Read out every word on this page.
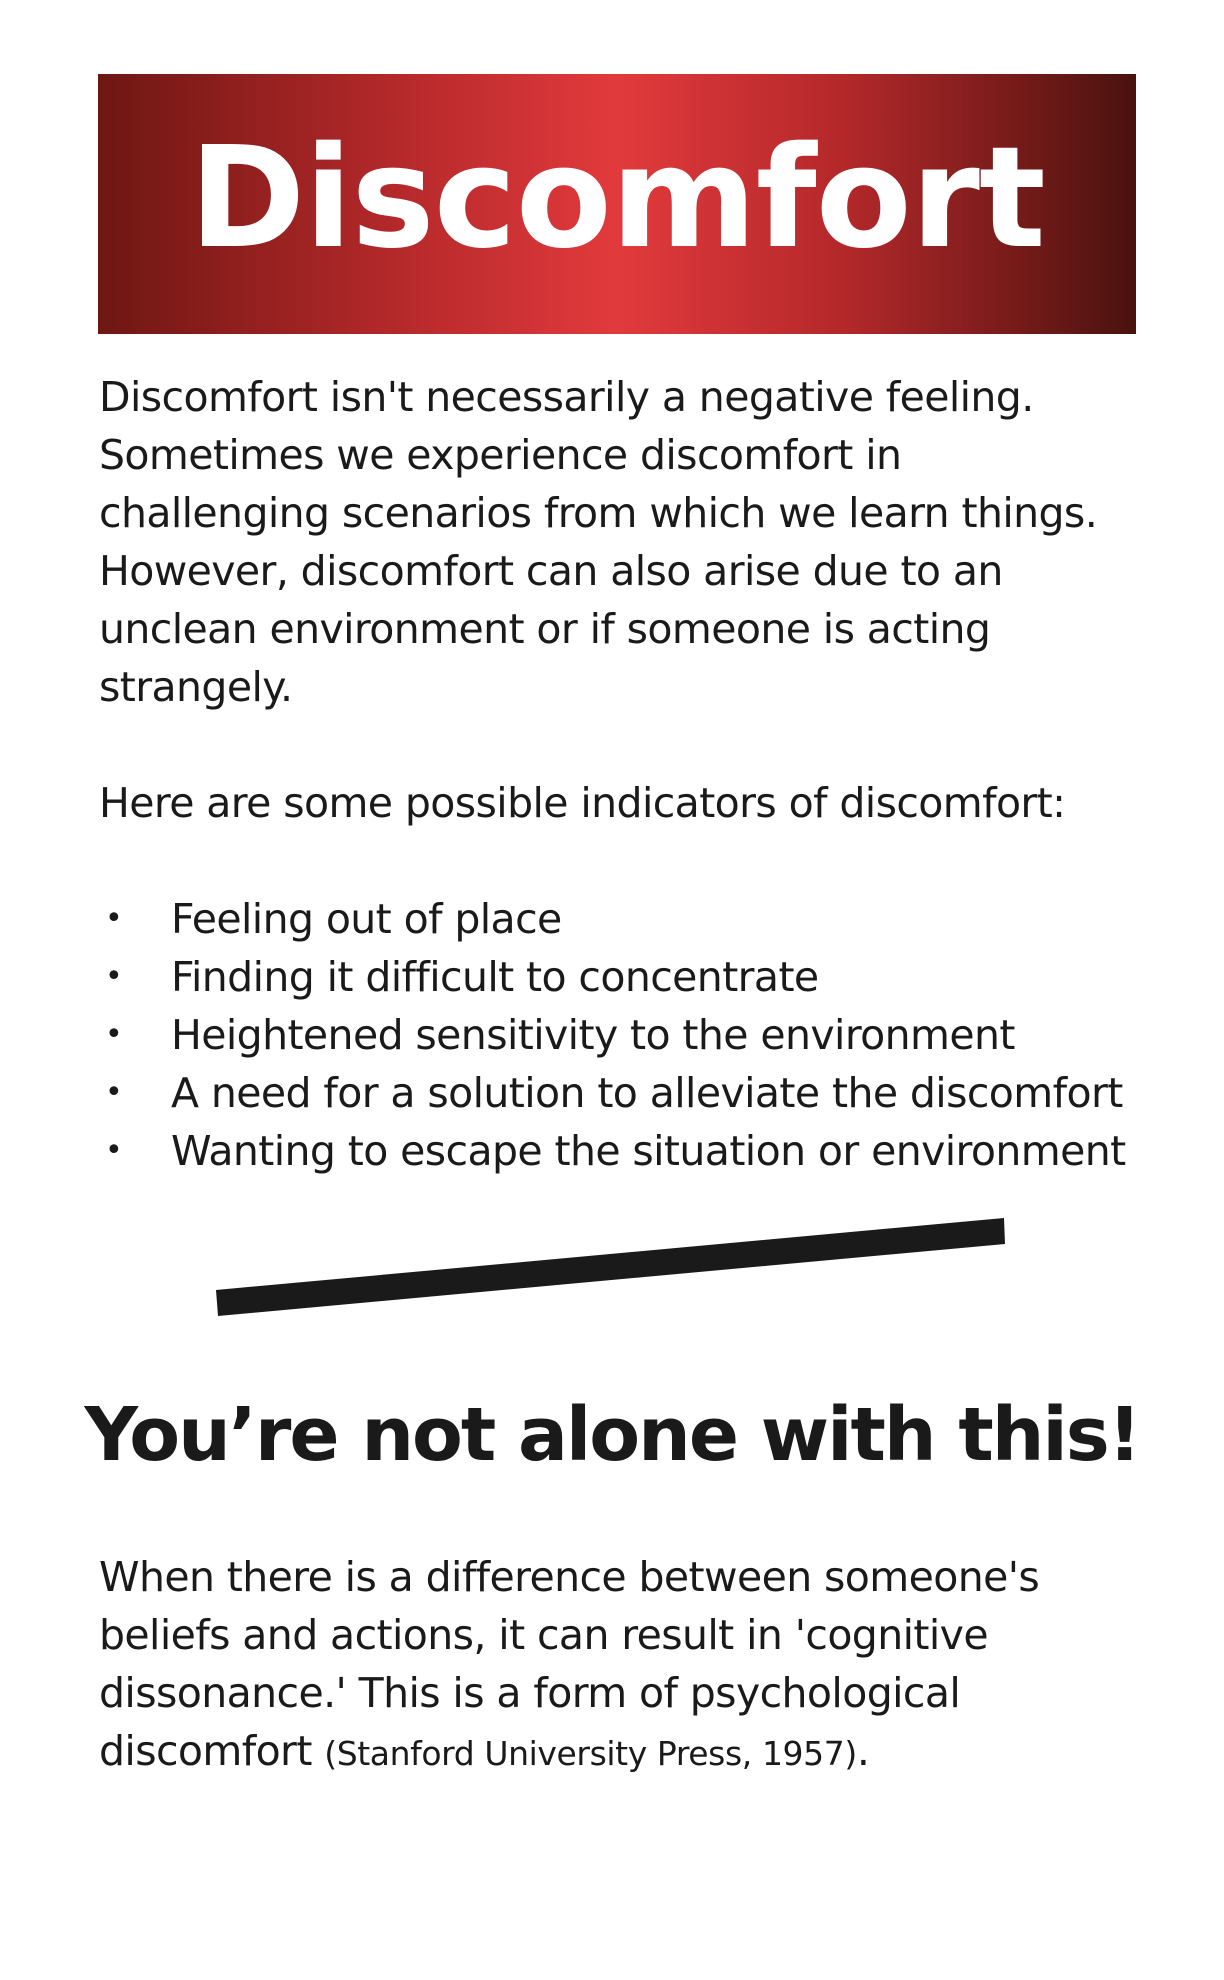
Discomfort

Discomfort isn't necessarily a negative feeling.
Sometimes we experience discomfort in
challenging scenarios from which we learn things.
However, discomfort can also arise due to an
unclean environment or if someone is acting
strangely.

Here are some possible indicators of discomfort:

• Feeling out of place
• Finding it difficult to concentrate
• Heightened sensitivity to the environment
• A need for a solution to alleviate the discomfort
• Wanting to escape the situation or environment
You’re not alone with this!

When there is a difference between someone's
beliefs and actions, it can result in 'cognitive
dissonance.' This is a form of psychological
discomfort (Stanford University Press, 1957).
